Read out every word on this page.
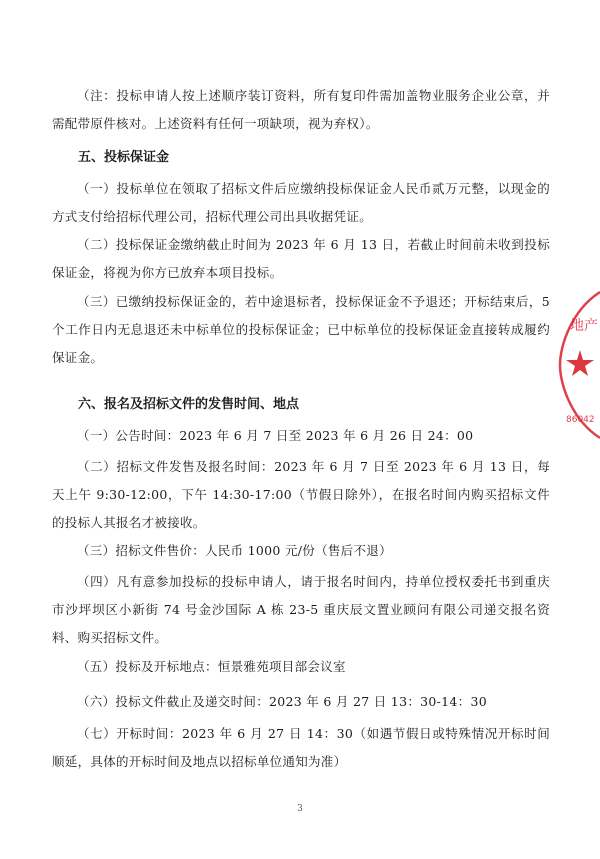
（注：投标申请人按上述顺序装订资料，所有复印件需加盖物业服务企业公章，并需配带原件核对。上述资料有任何一项缺项，视为弃权）。

五、投标保证金

（一）投标单位在领取了招标文件后应缴纳投标保证金人民币贰万元整，以现金的方式支付给招标代理公司，招标代理公司出具收据凭证。

（二）投标保证金缴纳截止时间为 2023 年 6 月 13 日，若截止时间前未收到投标保证金，将视为你方已放弃本项目投标。

（三）已缴纳投标保证金的，若中途退标者，投标保证金不予退还；开标结束后，5 个工作日内无息退还未中标单位的投标保证金；已中标单位的投标保证金直接转成履约保证金。

六、报名及招标文件的发售时间、地点

（一）公告时间：2023 年 6 月 7 日至 2023 年 6 月 26 日 24：00

（二）招标文件发售及报名时间：2023 年 6 月 7 日至 2023 年 6 月 13 日，每天上午 9:30-12:00，下午 14:30-17:00（节假日除外），在报名时间内购买招标文件的投标人其报名才被接收。

（三）招标文件售价：人民币 1000 元/份（售后不退）

（四）凡有意参加投标的投标申请人，请于报名时间内，持单位授权委托书到重庆市沙坪坝区小新街 74 号金沙国际 A 栋 23-5 重庆辰文置业顾问有限公司递交报名资料、购买招标文件。

（五）投标及开标地点：恒景雅苑项目部会议室

（六）投标文件截止及递交时间：2023 年 6 月 27 日 13：30-14：30

（七）开标时间：2023 年 6 月 27 日 14：30（如遇节假日或特殊情况开标时间顺延，具体的开标时间及地点以招标单位通知为准）

3
地产
86042
